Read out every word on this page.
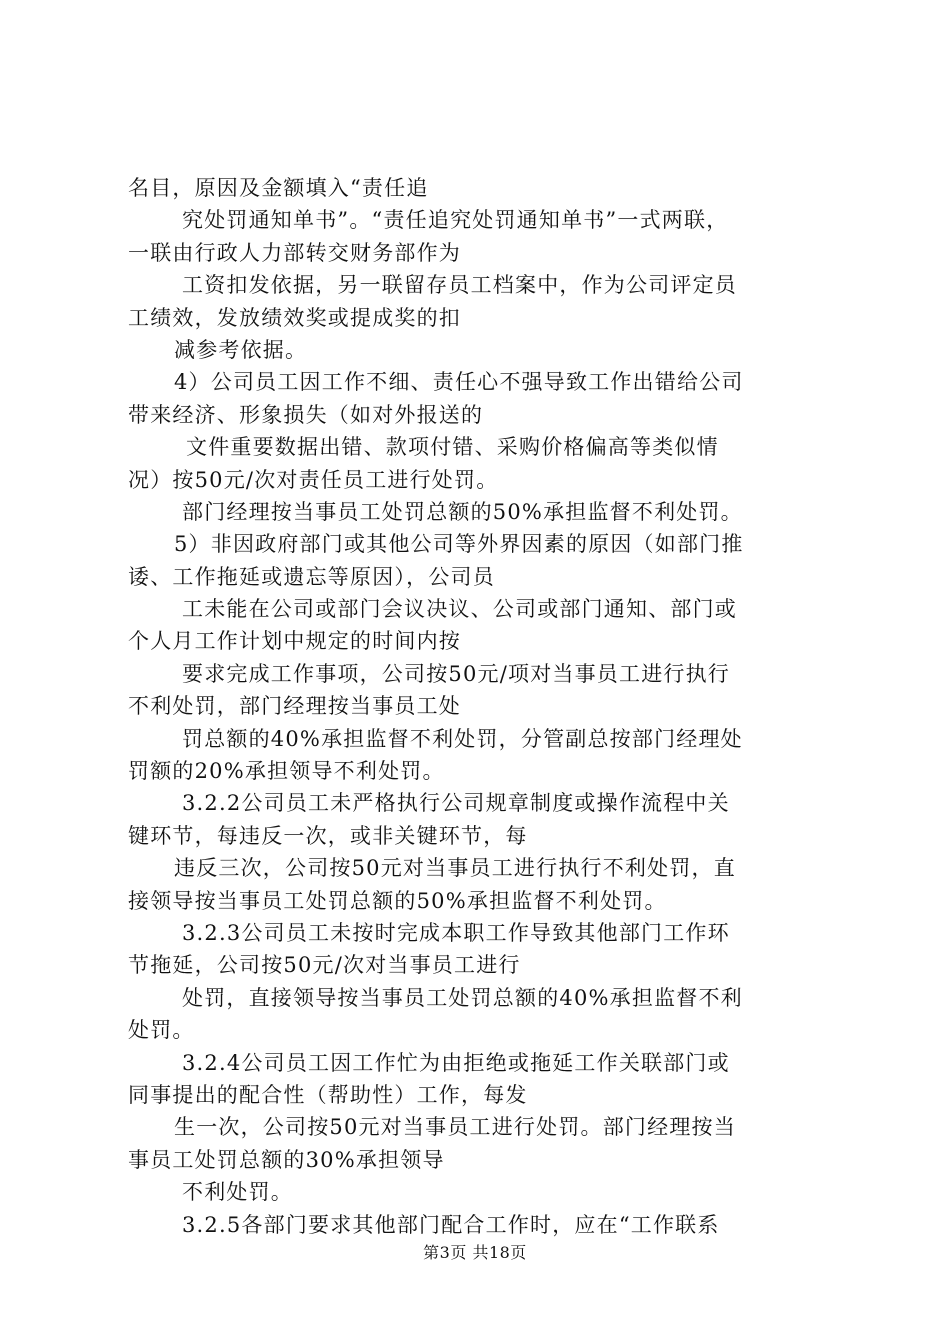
名目，原因及金额填入“责任追
究处罚通知单书”。“责任追究处罚通知单书”一式两联，
一联由行政人力部转交财务部作为
工资扣发依据，另一联留存员工档案中，作为公司评定员
工绩效，发放绩效奖或提成奖的扣
减参考依据。
4）公司员工因工作不细、责任心不强导致工作出错给公司
带来经济、形象损失（如对外报送的
文件重要数据出错、款项付错、采购价格偏高等类似情
况）按50元/次对责任员工进行处罚。
部门经理按当事员工处罚总额的50%承担监督不利处罚。
5）非因政府部门或其他公司等外界因素的原因（如部门推
诿、工作拖延或遗忘等原因），公司员
工未能在公司或部门会议决议、公司或部门通知、部门或
个人月工作计划中规定的时间内按
要求完成工作事项，公司按50元/项对当事员工进行执行
不利处罚，部门经理按当事员工处
罚总额的40%承担监督不利处罚，分管副总按部门经理处
罚额的20%承担领导不利处罚。
3.2.2公司员工未严格执行公司规章制度或操作流程中关
键环节，每违反一次，或非关键环节，每
违反三次，公司按50元对当事员工进行执行不利处罚，直
接领导按当事员工处罚总额的50%承担监督不利处罚。
3.2.3公司员工未按时完成本职工作导致其他部门工作环
节拖延，公司按50元/次对当事员工进行
处罚，直接领导按当事员工处罚总额的40%承担监督不利
处罚。
3.2.4公司员工因工作忙为由拒绝或拖延工作关联部门或
同事提出的配合性（帮助性）工作，每发
生一次，公司按50元对当事员工进行处罚。部门经理按当
事员工处罚总额的30%承担领导
不利处罚。
3.2.5各部门要求其他部门配合工作时，应在“工作联系
第3页 共18页
